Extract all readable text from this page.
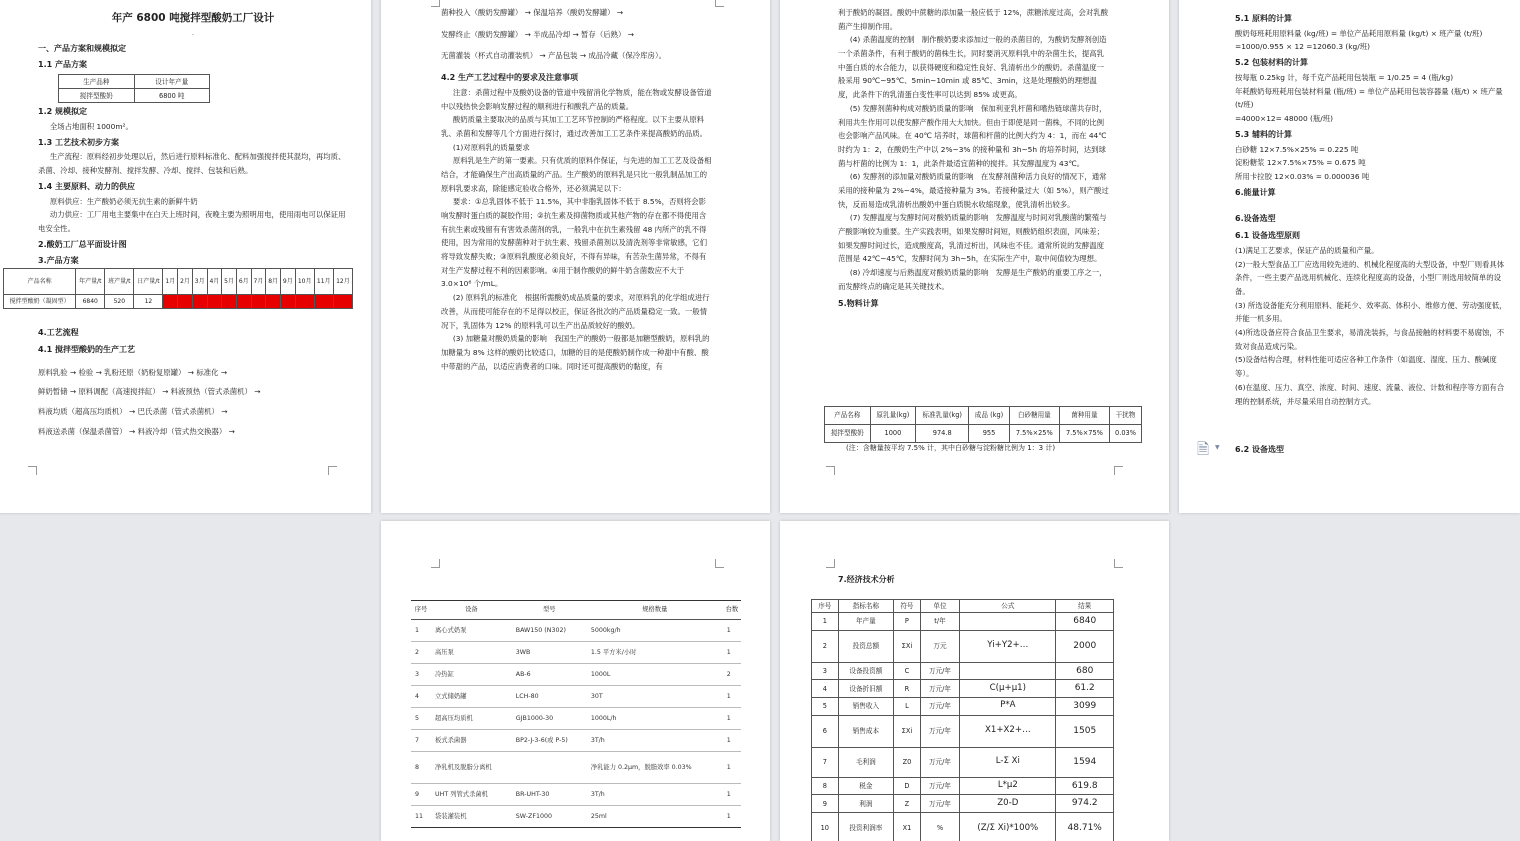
年产 6800 吨搅拌型酸奶工厂设计
.
一、产品方案和规模拟定
1.1 产品方案
生产品种	设计年产量
搅拌型酸奶	6800 吨
1.2 规模拟定

全场占地面积 1000m²。

1.3 工艺技术初步方案

生产流程：原料经初步处理以后，然后进行原料标准化、配料加强搅拌使其混均，再均质、杀菌、冷却、接种发酵剂、搅拌发酵、冷却、搅拌、包装和后熟。

1.4 主要原料、动力的供应

原料供应：生产酸奶必须无抗生素的新鲜牛奶

动力供应：工厂用电主要集中在白天上班时间，夜晚主要为照明用电，使用雨电可以保证用电安全性。

2.酸奶工厂总平面设计图
3.产品方案
产品名称	年产量/t	班产量/t	日产量/t	1月	2月	3月	4月	5月	6月	7月	8月	9月	10月	11月	12月
搅拌型酸奶（凝固型）	6840	520	12												
4.工艺流程
4.1 搅拌型酸奶的生产工艺
原料乳验 → 检验 → 乳粉还原（奶粉复原罐） → 标准化 →
鲜奶暂储 → 原料调配（高速搅拌缸） → 料液预热（管式杀菌机） →
料液均质（超高压均质机） → 巴氏杀菌（管式杀菌机） →
料液送杀菌（保温杀菌管） → 料液冷却（管式热交换器） →
菌种投入（酸奶发酵罐） → 保温培养（酸奶发酵罐） →
发酵终止（酸奶发酵罐） → 半成品冷却 → 暂存（后熟） →
无菌灌装（杯式自动灌装机） → 产品包装 → 成品冷藏（保冷库房）。
4.2 生产工艺过程中的要求及注意事项

注意：杀菌过程中及酸奶设备的管道中残留消化学物质，能在物或发酵设备管道中以残热快会影响发酵过程的顺利进行和酸乳产品的质量。

酸奶质量主要取决的品质与其加工工艺环节控制的严格程度。以下主要从原料乳、杀菌和发酵等几个方面进行探讨，通过改善加工工艺条件来提高酸奶的品质。

(1)对原料乳的质量要求

原料乳是生产的第一要素。只有优质的原料作保证，与先进的加工工艺及设备相结合，才能确保生产出高质量的产品。生产酸奶的原料乳是只比一般乳制品加工的原料乳要求高，除能感定验收合格外，还必须满足以下：

要求：①总乳固体不低于 11.5%，其中非脂乳固体不低于 8.5%，否则将会影响发酵时蛋白质的凝胶作用；②抗生素及抑菌物质或其他产物的存在都不得使用含有抗生素或残留有有害效杀菌剂的乳，一般乳中在抗生素残留 48 内所产的乳不得使用，因为常用的发酵菌种对于抗生素、残留杀菌剂以及清洗剂等非常敏感，它们将导致发酵失败；③原料乳酸度必须良好，不得有异味，有苦杂生菌异常，不得有对生产发酵过程不利的因素影响。④用于制作酸奶的鲜牛奶含菌数应不大于 3.0×10⁶ 个/mL。

(2) 原料乳的标准化　根据所需酸奶成品质量的要求，对原料乳的化学组成进行改善，从而使可能存在的不足得以校正，保证各批次的产品质量稳定一致。一般情况下，乳固体为 12% 的原料乳可以生产出品质较好的酸奶。

(3) 加糖量对酸奶质量的影响　我国生产的酸奶一般都是加糖型酸奶，原料乳的加糖量为 8% 这样的酸奶比较适口，加糖的目的是使酸奶制作成一种甜中有酸、酸中带甜的产品，以适应消费者的口味。同时还可提高酸奶的黏度，有

利于酸奶的凝固。酸奶中蔗糖的添加量一般应低于 12%，蔗糖浓度过高，会对乳酸菌产生抑制作用。

(4) 杀菌温度的控制　制作酸奶要求添加过一般的杀菌目的，为酸奶发酵剂创造一个杀菌条件，有利于酸奶的菌株生长，同时要消灭原料乳中的杂菌生长，提高乳中蛋白质的水合能力，以获得硬度和稳定性良好、乳清析出少的酸奶。杀菌温度一般采用 90℃~95℃、5min~10min 或 85℃、3min，这是处理酸奶的理想温度，此条件下的乳清蛋白变性率可以达到 85% 或更高。

(5) 发酵剂菌种构成对酸奶质量的影响　保加利亚乳杆菌和嗜热链球菌共存时，利用共生作用可以使发酵产酸作用大大加快。但由于即使是同一菌株，不同的比例也会影响产品风味。在 40℃ 培养时，球菌和杆菌的比例大约为 4：1，而在 44℃ 时约为 1：2，在酸奶生产中以 2%~3% 的接种量和 3h~5h 的培养时间，达到球菌与杆菌的比例为 1：1，此条件最适宜菌种的搅拌。其发酵温度为 43℃。

(6) 发酵剂的添加量对酸奶质量的影响　在发酵剂菌种活力良好的情况下，通常采用的接种量为 2%~4%，最适接种量为 3%。若接种量过大（如 5%），则产酸过快，反而易造成乳清析出酸奶中蛋白质脱水收缩现象，使乳清析出较多。

(7) 发酵温度与发酵时间对酸奶质量的影响　发酵温度与时间对乳酸菌的繁殖与产酸影响较为重要。生产实践表明，如果发酵时间短，则酸奶组织表面，风味差；如果发酵时间过长，造成酸度高，乳清过析出，风味也不佳。通常所说的发酵温度范围是 42℃~45℃，发酵时间为 3h~5h，在实际生产中，取中间值较为理想。

(8) 冷却速度与后熟温度对酸奶质量的影响　发酵是生产酸奶的重要工序之一，而发酵终点的确定是其关键技术。

5.物料计算
产品名称	原乳量(kg)	标准乳量(kg)	成品 (kg)	白砂糖用量	菌种用量	干扰物
搅拌型酸奶	1000	974.8	955	7.5%×25%	7.5%×75%	0.03%
(注：含糖量按平均 7.5% 计，其中白砂糖与淀粉糖比例为 1：3 计)
5.1 原料的计算

酸奶每班耗用原料量 (kg/班) = 单位产品耗用原料量 (kg/t) × 班产量 (t/班) =1000/0.955 × 12 =12060.3 (kg/班)

5.2 包装材料的计算

按每瓶 0.25kg 计，每千克产品耗用包装瓶 = 1/0.25 = 4 (瓶/kg)

年耗酸奶每班耗用包装材料量 (瓶/班) = 单位产品耗用包装容器量 (瓶/t) × 班产量 (t/班)

=4000×12= 48000 (瓶/班)

5.3 辅料的计算

白砂糖 12×7.5%×25% = 0.225 吨

淀粉糖浆 12×7.5%×75% = 0.675 吨

所用卡拉胶 12×0.03% = 0.000036 吨

6.能量计算
6.设备选型
6.1 设备选型原则

(1)满足工艺要求，保证产品的质量和产量。

(2)一般大型食品工厂应选用较先进的、机械化程度高的大型设备，中型厂则看具体条件，一些主要产品选用机械化、连续化程度高的设备，小型厂则选用较简单的设备。

(3) 所选设备能充分利用原料、能耗少、效率高、体积小、维修方便、劳动强度低，并能一机多用。

(4)所选设备应符合食品卫生要求，易清洗装拆，与食品接触的材料要不易腐蚀，不致对食品造成污染。

(5)设备结构合理，材料性能可适应各种工作条件（如温度、湿度、压力、酸碱度等）。

(6)在温度、压力、真空、浓度、时间、速度、流量、液位、计数和程序等方面有合理的控制系统，并尽量采用自动控制方式。

🗎 ▼ 6.2 设备选型
序号	设备	型号	规格数量	台数
1	离心式奶泵	BAW150 (N302)	5000kg/h	1
2	高压泵	3WB	1.5 平方米/小时	1
3	冷热缸	AB-6	1000L	2
4	立式储奶罐	LCH-80	30T	1
5	超高压均质机	GJB1000-30	1000L/h	1
7	板式杀菌器	BP2-J-3-6(或 P-5)	3T/h	1
8	净乳机及脱脂分离机		净乳能力 0.2μm，脱脂效率 0.03%	1
9	UHT 列管式杀菌机	BR-UHT-30	3T/h	1
11	袋装灌装机	SW-ZF1000	25ml	1
7.经济技术分析
序号	指标名称	符号	单位	公式	结果
1	年产量	P	t/年		6840
2	投资总额	ΣXi	万元	Yi+Y2+…	2000
3	设备投资额	C	万元/年		680
4	设备折旧额	R	万元/年	C(μ+μ1)	61.2
5	销售收入	L	万元/年	P*A	3099
6	销售成本	ΣXi	万元/年	X1+X2+…	1505
7	毛利润	Z0	万元/年	L-Σ Xi	1594
8	税金	D	万元/年	L*μ2	619.8
9	利润	Z	万元/年	Z0-D	974.2
10	投资利润率	X1	%	(Z/Σ Xi)*100%	48.71%
